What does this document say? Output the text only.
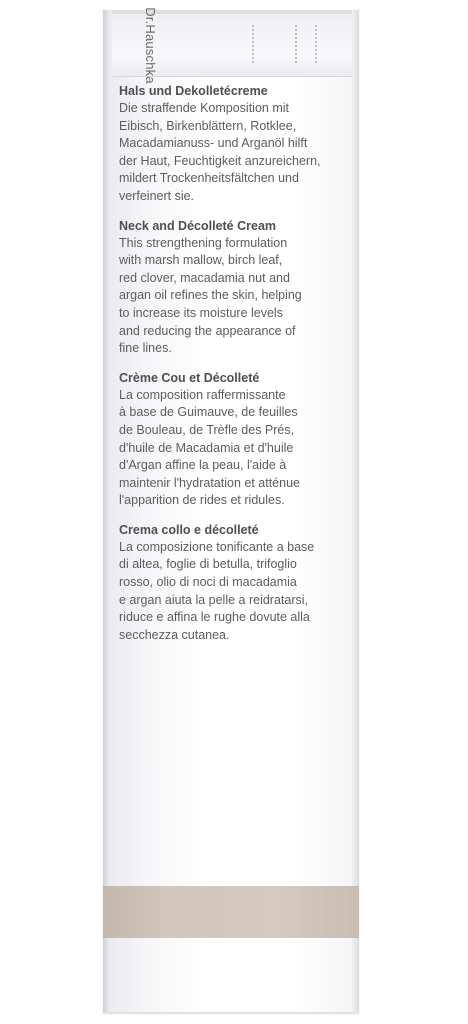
Dr.Hauschka

Hals und Dekolletécreme

Die straffende Komposition mit
Eibisch, Birkenblättern, Rotklee,
Macadamianuss- und Arganöl hilft
der Haut, Feuchtigkeit anzureichern,
mildert Trockenheitsfältchen und
verfeinert sie.

Neck and Décolleté Cream

This strengthening formulation
with marsh mallow, birch leaf,
red clover, macadamia nut and
argan oil refines the skin, helping
to increase its moisture levels
and reducing the appearance of
fine lines.

Crème Cou et Décolleté

La composition raffermissante
à base de Guimauve, de feuilles
de Bouleau, de Trèfle des Prés,
d'huile de Macadamia et d'huile
d'Argan affine la peau, l'aide à
maintenir l'hydratation et atténue
l'apparition de rides et ridules.

Crema collo e décolleté

La composizione tonificante a base
di altea, foglie di betulla, trifoglio
rosso, olio di noci di macadamia
e argan aiuta la pelle a reidratarsi,
riduce e affina le rughe dovute alla
secchezza cutanea.
